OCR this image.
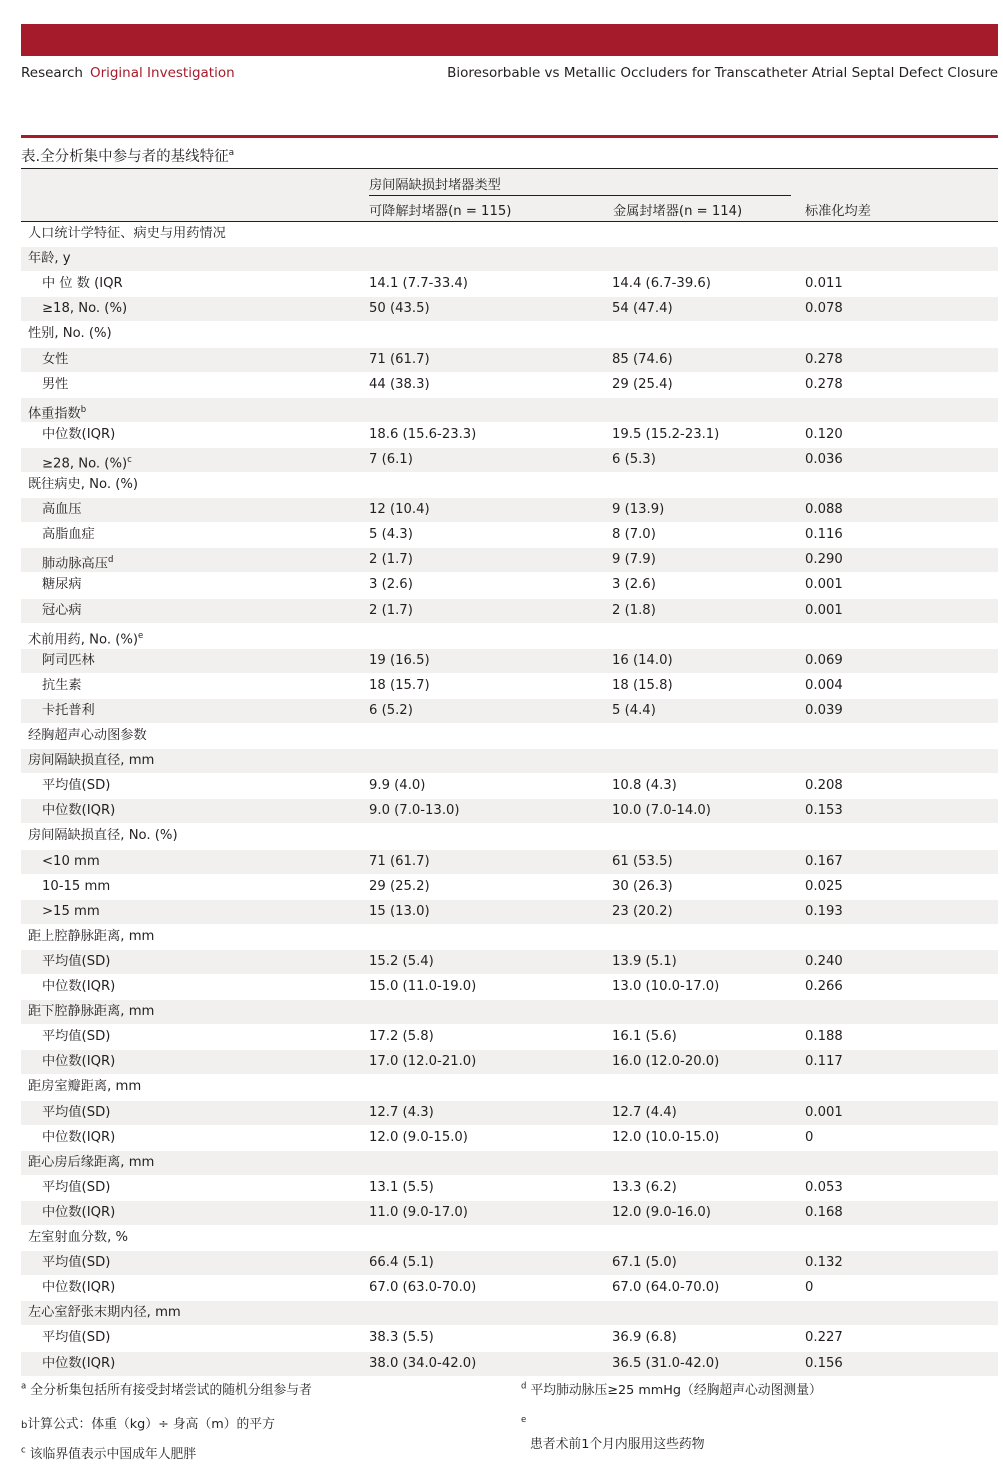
Research Original Investigation	Bioresorbable vs Metallic Occluders for Transcatheter Atrial Septal Defect Closure
表.全分析集中参与者的基线特征$^a$
房间隔缺损封堵器类型
可降解封堵器(n = 115)	金属封堵器(n = 114)	标准化均差
人口统计学特征、病史与用药情况
年龄, y
中 位 数 (IQR	14.1 (7.7-33.4)	14.4 (6.7-39.6)	0.011
≥18, No. (%)	50 (43.5)	54 (47.4)	0.078
性别, No. (%)
女性	71 (61.7)	85 (74.6)	0.278
男性	44 (38.3)	29 (25.4)	0.278
体重指数$^b$
中位数(IQR)	18.6 (15.6-23.3)	19.5 (15.2-23.1)	0.120
≥28, No. (%)$^c$	7 (6.1)	6 (5.3)	0.036
既往病史, No. (%)
高血压	12 (10.4)	9 (13.9)	0.088
高脂血症	5 (4.3)	8 (7.0)	0.116
肺动脉高压$^d$	2 (1.7)	9 (7.9)	0.290
糖尿病	3 (2.6)	3 (2.6)	0.001
冠心病	2 (1.7)	2 (1.8)	0.001
术前用药, No. (%)$^e$
阿司匹林	19 (16.5)	16 (14.0)	0.069
抗生素	18 (15.7)	18 (15.8)	0.004
卡托普利	6 (5.2)	5 (4.4)	0.039
经胸超声心动图参数
房间隔缺损直径, mm
平均值(SD)	9.9 (4.0)	10.8 (4.3)	0.208
中位数(IQR)	9.0 (7.0-13.0)	10.0 (7.0-14.0)	0.153
房间隔缺损直径, No. (%)
<10 mm	71 (61.7)	61 (53.5)	0.167
10-15 mm	29 (25.2)	30 (26.3)	0.025
>15 mm	15 (13.0)	23 (20.2)	0.193
距上腔静脉距离, mm
平均值(SD)	15.2 (5.4)	13.9 (5.1)	0.240
中位数(IQR)	15.0 (11.0-19.0)	13.0 (10.0-17.0)	0.266
距下腔静脉距离, mm
平均值(SD)	17.2 (5.8)	16.1 (5.6)	0.188
中位数(IQR)	17.0 (12.0-21.0)	16.0 (12.0-20.0)	0.117
距房室瓣距离, mm
平均值(SD)	12.7 (4.3)	12.7 (4.4)	0.001
中位数(IQR)	12.0 (9.0-15.0)	12.0 (10.0-15.0)	0
距心房后缘距离, mm
平均值(SD)	13.1 (5.5)	13.3 (6.2)	0.053
中位数(IQR)	11.0 (9.0-17.0)	12.0 (9.0-16.0)	0.168
左室射血分数, %
平均值(SD)	66.4 (5.1)	67.1 (5.0)	0.132
中位数(IQR)	67.0 (63.0-70.0)	67.0 (64.0-70.0)	0
左心室舒张末期内径, mm
平均值(SD)	38.3 (5.5)	36.9 (6.8)	0.227
中位数(IQR)	38.0 (34.0-42.0)	36.5 (31.0-42.0)	0.156
$^a$ 全分析集包括所有接受封堵尝试的随机分组参与者
b计算公式：体重（kg）÷ 身高（m）的平方
$^c$ 该临界值表示中国成年人肥胖
$^d$ 平均肺动脉压≥25 mmHg（经胸超声心动图测量）
$^e$
患者术前1个月内服用这些药物
